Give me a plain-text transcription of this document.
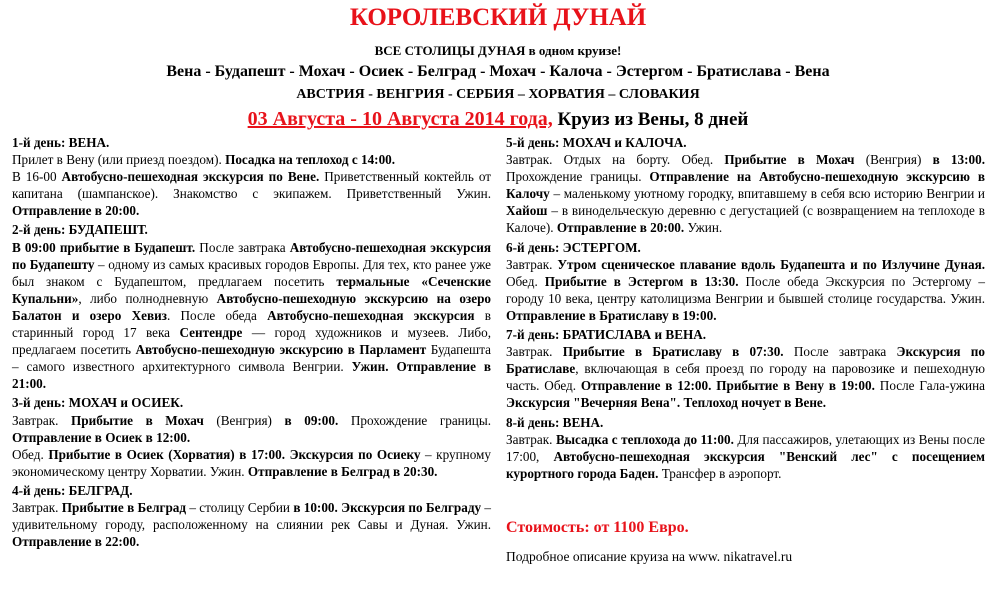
КОРОЛЕВСКИЙ ДУНАЙ
ВСЕ СТОЛИЦЫ ДУНАЯ в одном круизе!
Вена - Будапешт - Мохач - Осиек - Белград - Мохач - Калоча - Эстергом - Братислава - Вена
АВСТРИЯ - ВЕНГРИЯ - СЕРБИЯ – ХОРВАТИЯ – СЛОВАКИЯ
03 Августа - 10 Августа 2014 года, Круиз из Вены, 8 дней
1-й день: ВЕНА.

Прилет в Вену (или приезд поездом). Посадка на теплоход с 14:00.

В 16-00 Автобусно-пешеходная экскурсия по Вене. Приветственный коктейль от капитана (шампанское). Знакомство с экипажем. Приветственный Ужин. Отправление в 20:00.

2-й день: БУДАПЕШТ.

В 09:00 прибытие в Будапешт. После завтрака Автобусно-пешеходная экскурсия по Будапешту – одному из самых красивых городов Европы. Для тех, кто ранее уже был знаком с Будапештом, предлагаем посетить термальные «Сеченские Купальни», либо полнодневную Автобусно-пешеходную экскурсию на озеро Балатон и озеро Хевиз. После обеда Автобусно-пешеходная экскурсия в старинный город 17 века Сентендре — город художников и музеев. Либо, предлагаем посетить Автобусно-пешеходную экскурсию в Парламент Будапешта – самого известного архитектурного символа Венгрии. Ужин. Отправление в 21:00.

3-й день: МОХАЧ и ОСИЕК.

Завтрак. Прибытие в Мохач (Венгрия) в 09:00. Прохождение границы. Отправление в Осиек в 12:00.

Обед. Прибытие в Осиек (Хорватия) в 17:00. Экскурсия по Осиеку – крупному экономическому центру Хорватии. Ужин. Отправление в Белград в 20:30.

4-й день: БЕЛГРАД.

Завтрак. Прибытие в Белград – столицу Сербии в 10:00. Экскурсия по Белграду – удивительному городу, расположенному на слиянии рек Савы и Дуная. Ужин. Отправление в 22:00.

5-й день: МОХАЧ и КАЛОЧА.

Завтрак. Отдых на борту. Обед. Прибытие в Мохач (Венгрия) в 13:00. Прохождение границы. Отправление на Автобусно-пешеходную экскурсию в Калочу – маленькому уютному городку, впитавшему в себя всю историю Венгрии и Хайош – в винодельческую деревню с дегустацией (с возвращением на теплоходе в Калоче). Отправление в 20:00. Ужин.

6-й день: ЭСТЕРГОМ.

Завтрак. Утром сценическое плавание вдоль Будапешта и по Излучине Дуная. Обед. Прибытие в Эстергом в 13:30. После обеда Экскурсия по Эстергому – городу 10 века, центру католицизма Венгрии и бывшей столице государства. Ужин. Отправление в Братиславу в 19:00.

7-й день: БРАТИСЛАВА и ВЕНА.

Завтрак. Прибытие в Братиславу в 07:30. После завтрака Экскурсия по Братиславе, включающая в себя проезд по городу на паровозике и пешеходную часть. Обед. Отправление в 12:00. Прибытие в Вену в 19:00. После Гала-ужина Экскурсия "Вечерняя Вена". Теплоход ночует в Вене.

8-й день: ВЕНА.

Завтрак. Высадка с теплохода до 11:00. Для пассажиров, улетающих из Вены после 17:00, Автобусно-пешеходная экскурсия "Венский лес" с посещением курортного города Баден. Трансфер в аэропорт.

Стоимость: от 1100 Евро.
Подробное описание круиза на www. nikatravel.ru
